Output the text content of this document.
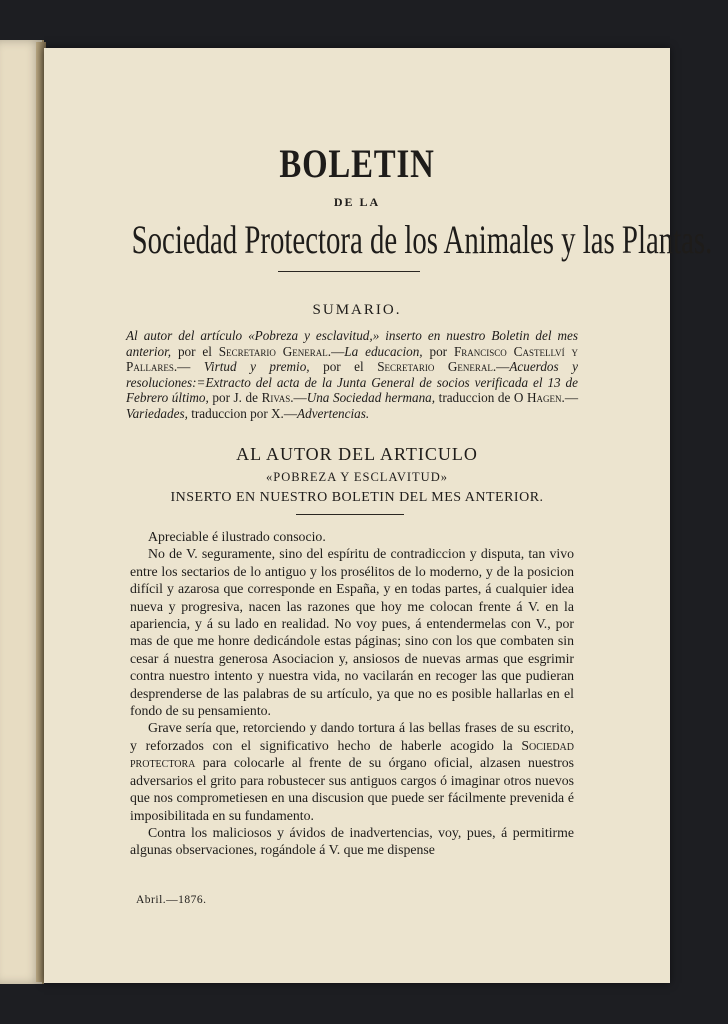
BOLETIN
DE LA
Sociedad Protectora de los Animales y las Plantas.
SUMARIO.
Al autor del artículo «Pobreza y esclavitud,» inserto en nuestro Boletin del mes anterior, por el Secretario General.—La educacion, por Francisco Castellví y Pallares.— Virtud y premio, por el Secretario General.—Acuerdos y resoluciones:=Extracto del acta de la Junta General de socios verificada el 13 de Febrero último, por J. de Rivas.—Una Sociedad hermana, traduccion de O Hagen.— Variedades, traduccion por X.—Advertencias.
AL AUTOR DEL ARTICULO
«POBREZA Y ESCLAVITUD»
INSERTO EN NUESTRO BOLETIN DEL MES ANTERIOR.

Apreciable é ilustrado consocio.

No de V. seguramente, sino del espíritu de contradiccion y disputa, tan vivo entre los sectarios de lo antiguo y los prosélitos de lo moderno, y de la posicion difícil y azarosa que corresponde en España, y en todas partes, á cualquier idea nueva y progresiva, nacen las razones que hoy me colocan frente á V. en la apariencia, y á su lado en realidad. No voy pues, á entendermelas con V., por mas de que me honre dedicándole estas páginas; sino con los que combaten sin cesar á nuestra generosa Asociacion y, ansiosos de nuevas armas que esgrimir contra nuestro intento y nuestra vida, no vacilarán en recoger las que pudieran desprenderse de las palabras de su artículo, ya que no es posible hallarlas en el fondo de su pensamiento.

Grave sería que, retorciendo y dando tortura á las bellas frases de su escrito, y reforzados con el significativo hecho de haberle acogido la Sociedad protectora para colocarle al frente de su órgano oficial, alzasen nuestros adversarios el grito para robustecer sus antiguos cargos ó imaginar otros nuevos que nos comprometiesen en una discusion que puede ser fácilmente prevenida é imposibilitada en su fundamento.

Contra los maliciosos y ávidos de inadvertencias, voy, pues, á permitirme algunas observaciones, rogándole á V. que me dispense

Abril.—1876.
